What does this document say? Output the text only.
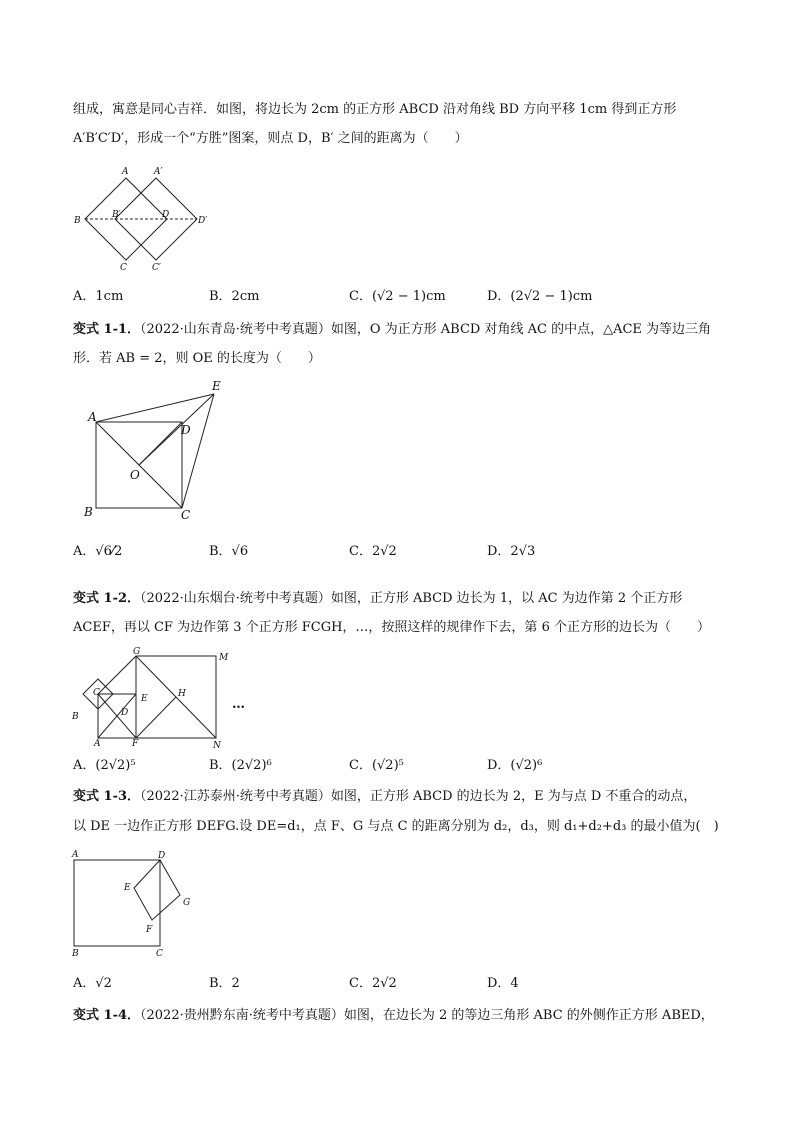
组成，寓意是同心吉祥．如图，将边长为 2cm 的正方形 ABCD 沿对角线 BD 方向平移 1cm 得到正方形
A′B′C′D′，形成一个“方胜”图案，则点 D，B′ 之间的距离为（　　）
A	A′
B
B′	D
D′
C	C′
A．1cm	B．2cm	C．(√2 − 1)cm	D．(2√2 − 1)cm
变式 1-1．（2022·山东青岛·统考中考真题）如图，O 为正方形 ABCD 对角线 AC 的中点，△ACE 为等边三角
形．若 AB = 2，则 OE 的长度为（　　）
A
B	C
D
E
O
A．√6⁄2	B．√6	C．2√2	D．2√3
变式 1-2．（2022·山东烟台·统考中考真题）如图，正方形 ABCD 边长为 1，以 AC 为边作第 2 个正方形
ACEF，再以 CF 为边作第 3 个正方形 FCGH，…，按照这样的规律作下去，第 6 个正方形的边长为（　　）
C
B	D
A	F
E
G
H
M
N
…
A．(2√2)⁵	B．(2√2)⁶	C．(√2)⁵	D．(√2)⁶
变式 1-3．（2022·江苏泰州·统考中考真题）如图，正方形 ABCD 的边长为 2，E 为与点 D 不重合的动点，
以 DE 一边作正方形 DEFG.设 DE=d₁，点 F、G 与点 C 的距离分别为 d₂，d₃，则 d₁+d₂+d₃ 的最小值为(　)
A	D
B	C
E
F
G
A．√2	B．2	C．2√2	D．4
变式 1-4．（2022·贵州黔东南·统考中考真题）如图，在边长为 2 的等边三角形 ABC 的外侧作正方形 ABED，
